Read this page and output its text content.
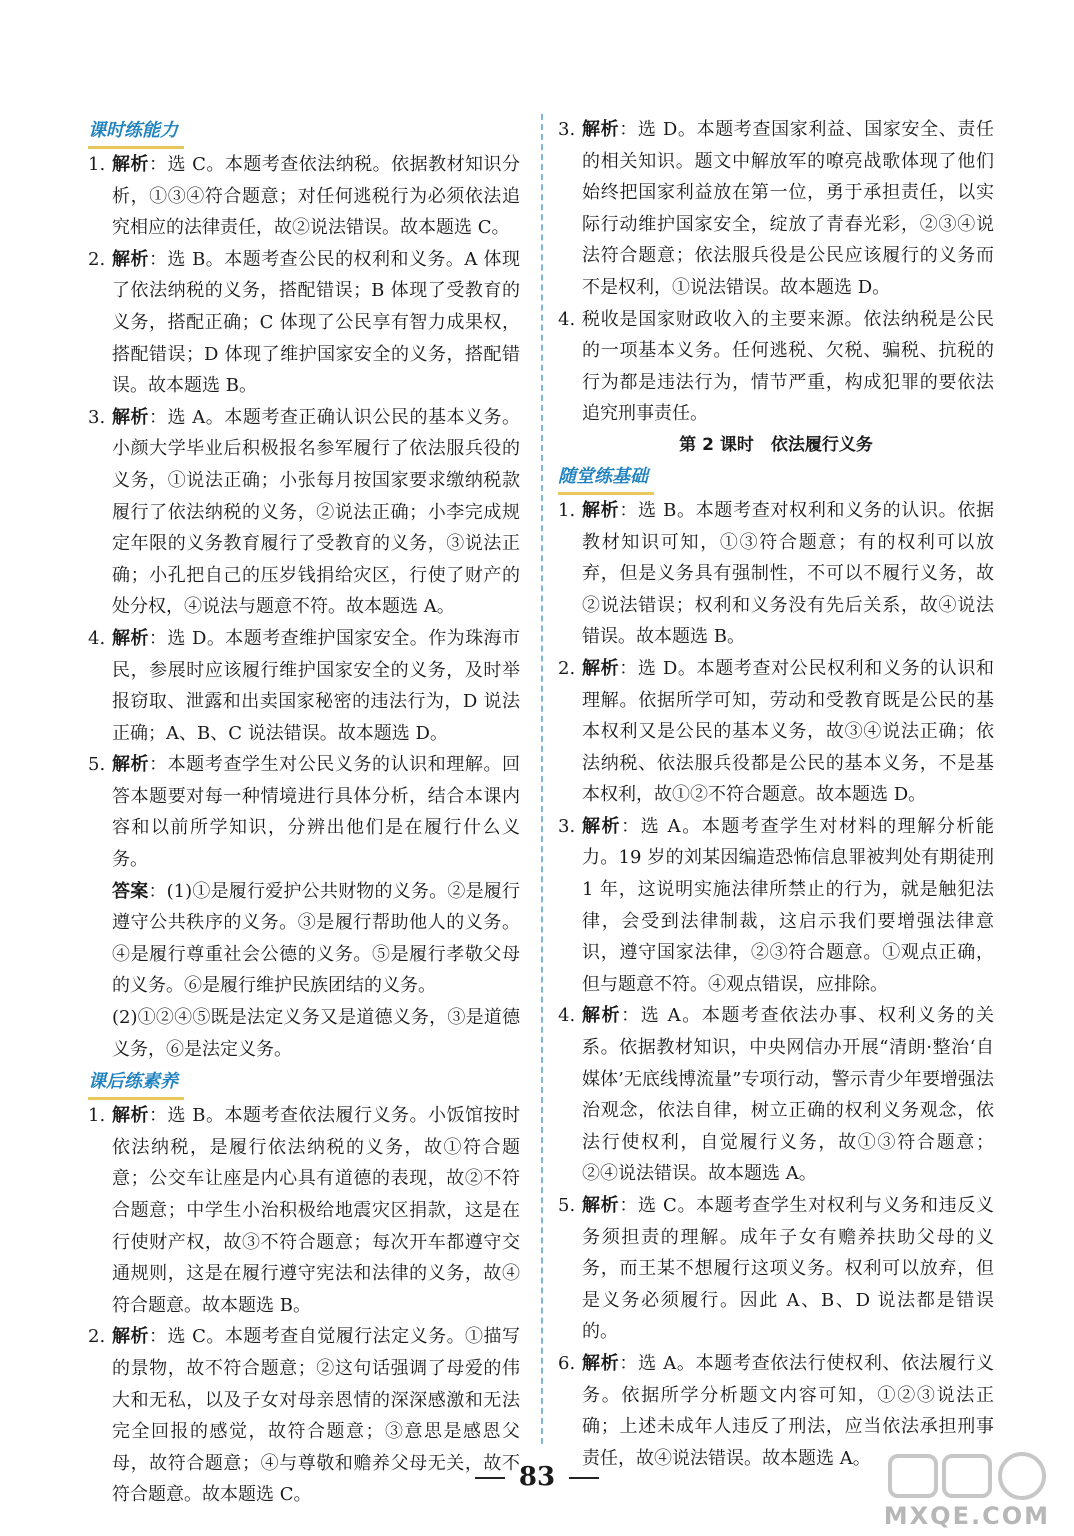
课时练能力
1. 解析：选 C。本题考查依法纳税。依据教材知识分析，①③④符合题意；对任何逃税行为必须依法追究相应的法律责任，故②说法错误。故本题选 C。
2. 解析：选 B。本题考查公民的权利和义务。A 体现了依法纳税的义务，搭配错误；B 体现了受教育的义务，搭配正确；C 体现了公民享有智力成果权，搭配错误；D 体现了维护国家安全的义务，搭配错误。故本题选 B。
3. 解析：选 A。本题考查正确认识公民的基本义务。小颜大学毕业后积极报名参军履行了依法服兵役的义务，①说法正确；小张每月按国家要求缴纳税款履行了依法纳税的义务，②说法正确；小李完成规定年限的义务教育履行了受教育的义务，③说法正确；小孔把自己的压岁钱捐给灾区，行使了财产的处分权，④说法与题意不符。故本题选 A。
4. 解析：选 D。本题考查维护国家安全。作为珠海市民，参展时应该履行维护国家安全的义务，及时举报窃取、泄露和出卖国家秘密的违法行为，D 说法正确；A、B、C 说法错误。故本题选 D。
5. 解析：本题考查学生对公民义务的认识和理解。回答本题要对每一种情境进行具体分析，结合本课内容和以前所学知识，分辨出他们是在履行什么义务。
答案：(1)①是履行爱护公共财物的义务。②是履行遵守公共秩序的义务。③是履行帮助他人的义务。④是履行尊重社会公德的义务。⑤是履行孝敬父母的义务。⑥是履行维护民族团结的义务。
(2)①②④⑤既是法定义务又是道德义务，③是道德义务，⑥是法定义务。
课后练素养
1. 解析：选 B。本题考查依法履行义务。小饭馆按时依法纳税，是履行依法纳税的义务，故①符合题意；公交车让座是内心具有道德的表现，故②不符合题意；中学生小治积极给地震灾区捐款，这是在行使财产权，故③不符合题意；每次开车都遵守交通规则，这是在履行遵守宪法和法律的义务，故④符合题意。故本题选 B。
2. 解析：选 C。本题考查自觉履行法定义务。①描写的景物，故不符合题意；②这句话强调了母爱的伟大和无私，以及子女对母亲恩情的深深感激和无法完全回报的感觉，故符合题意；③意思是感恩父母，故符合题意；④与尊敬和赡养父母无关，故不符合题意。故本题选 C。
3. 解析：选 D。本题考查国家利益、国家安全、责任的相关知识。题文中解放军的嘹亮战歌体现了他们始终把国家利益放在第一位，勇于承担责任，以实际行动维护国家安全，绽放了青春光彩，②③④说法符合题意；依法服兵役是公民应该履行的义务而不是权利，①说法错误。故本题选 D。
4. 税收是国家财政收入的主要来源。依法纳税是公民的一项基本义务。任何逃税、欠税、骗税、抗税的行为都是违法行为，情节严重，构成犯罪的要依法追究刑事责任。
第 2 课时　依法履行义务
随堂练基础
1. 解析：选 B。本题考查对权利和义务的认识。依据教材知识可知，①③符合题意；有的权利可以放弃，但是义务具有强制性，不可以不履行义务，故②说法错误；权利和义务没有先后关系，故④说法错误。故本题选 B。
2. 解析：选 D。本题考查对公民权利和义务的认识和理解。依据所学可知，劳动和受教育既是公民的基本权利又是公民的基本义务，故③④说法正确；依法纳税、依法服兵役都是公民的基本义务，不是基本权利，故①②不符合题意。故本题选 D。
3. 解析：选 A。本题考查学生对材料的理解分析能力。19 岁的刘某因编造恐怖信息罪被判处有期徒刑 1 年，这说明实施法律所禁止的行为，就是触犯法律，会受到法律制裁，这启示我们要增强法律意识，遵守国家法律，②③符合题意。①观点正确，但与题意不符。④观点错误，应排除。
4. 解析：选 A。本题考查依法办事、权利义务的关系。依据教材知识，中央网信办开展“清朗·整治‘自媒体’无底线博流量”专项行动，警示青少年要增强法治观念，依法自律，树立正确的权利义务观念，依法行使权利，自觉履行义务，故①③符合题意；②④说法错误。故本题选 A。
5. 解析：选 C。本题考查学生对权利与义务和违反义务须担责的理解。成年子女有赡养扶助父母的义务，而王某不想履行这项义务。权利可以放弃，但是义务必须履行。因此 A、B、D 说法都是错误的。
6. 解析：选 A。本题考查依法行使权利、依法履行义务。依据所学分析题文内容可知，①②③说法正确；上述未成年人违反了刑法，应当依法承担刑事责任，故④说法错误。故本题选 A。
83
MXQE.COM
